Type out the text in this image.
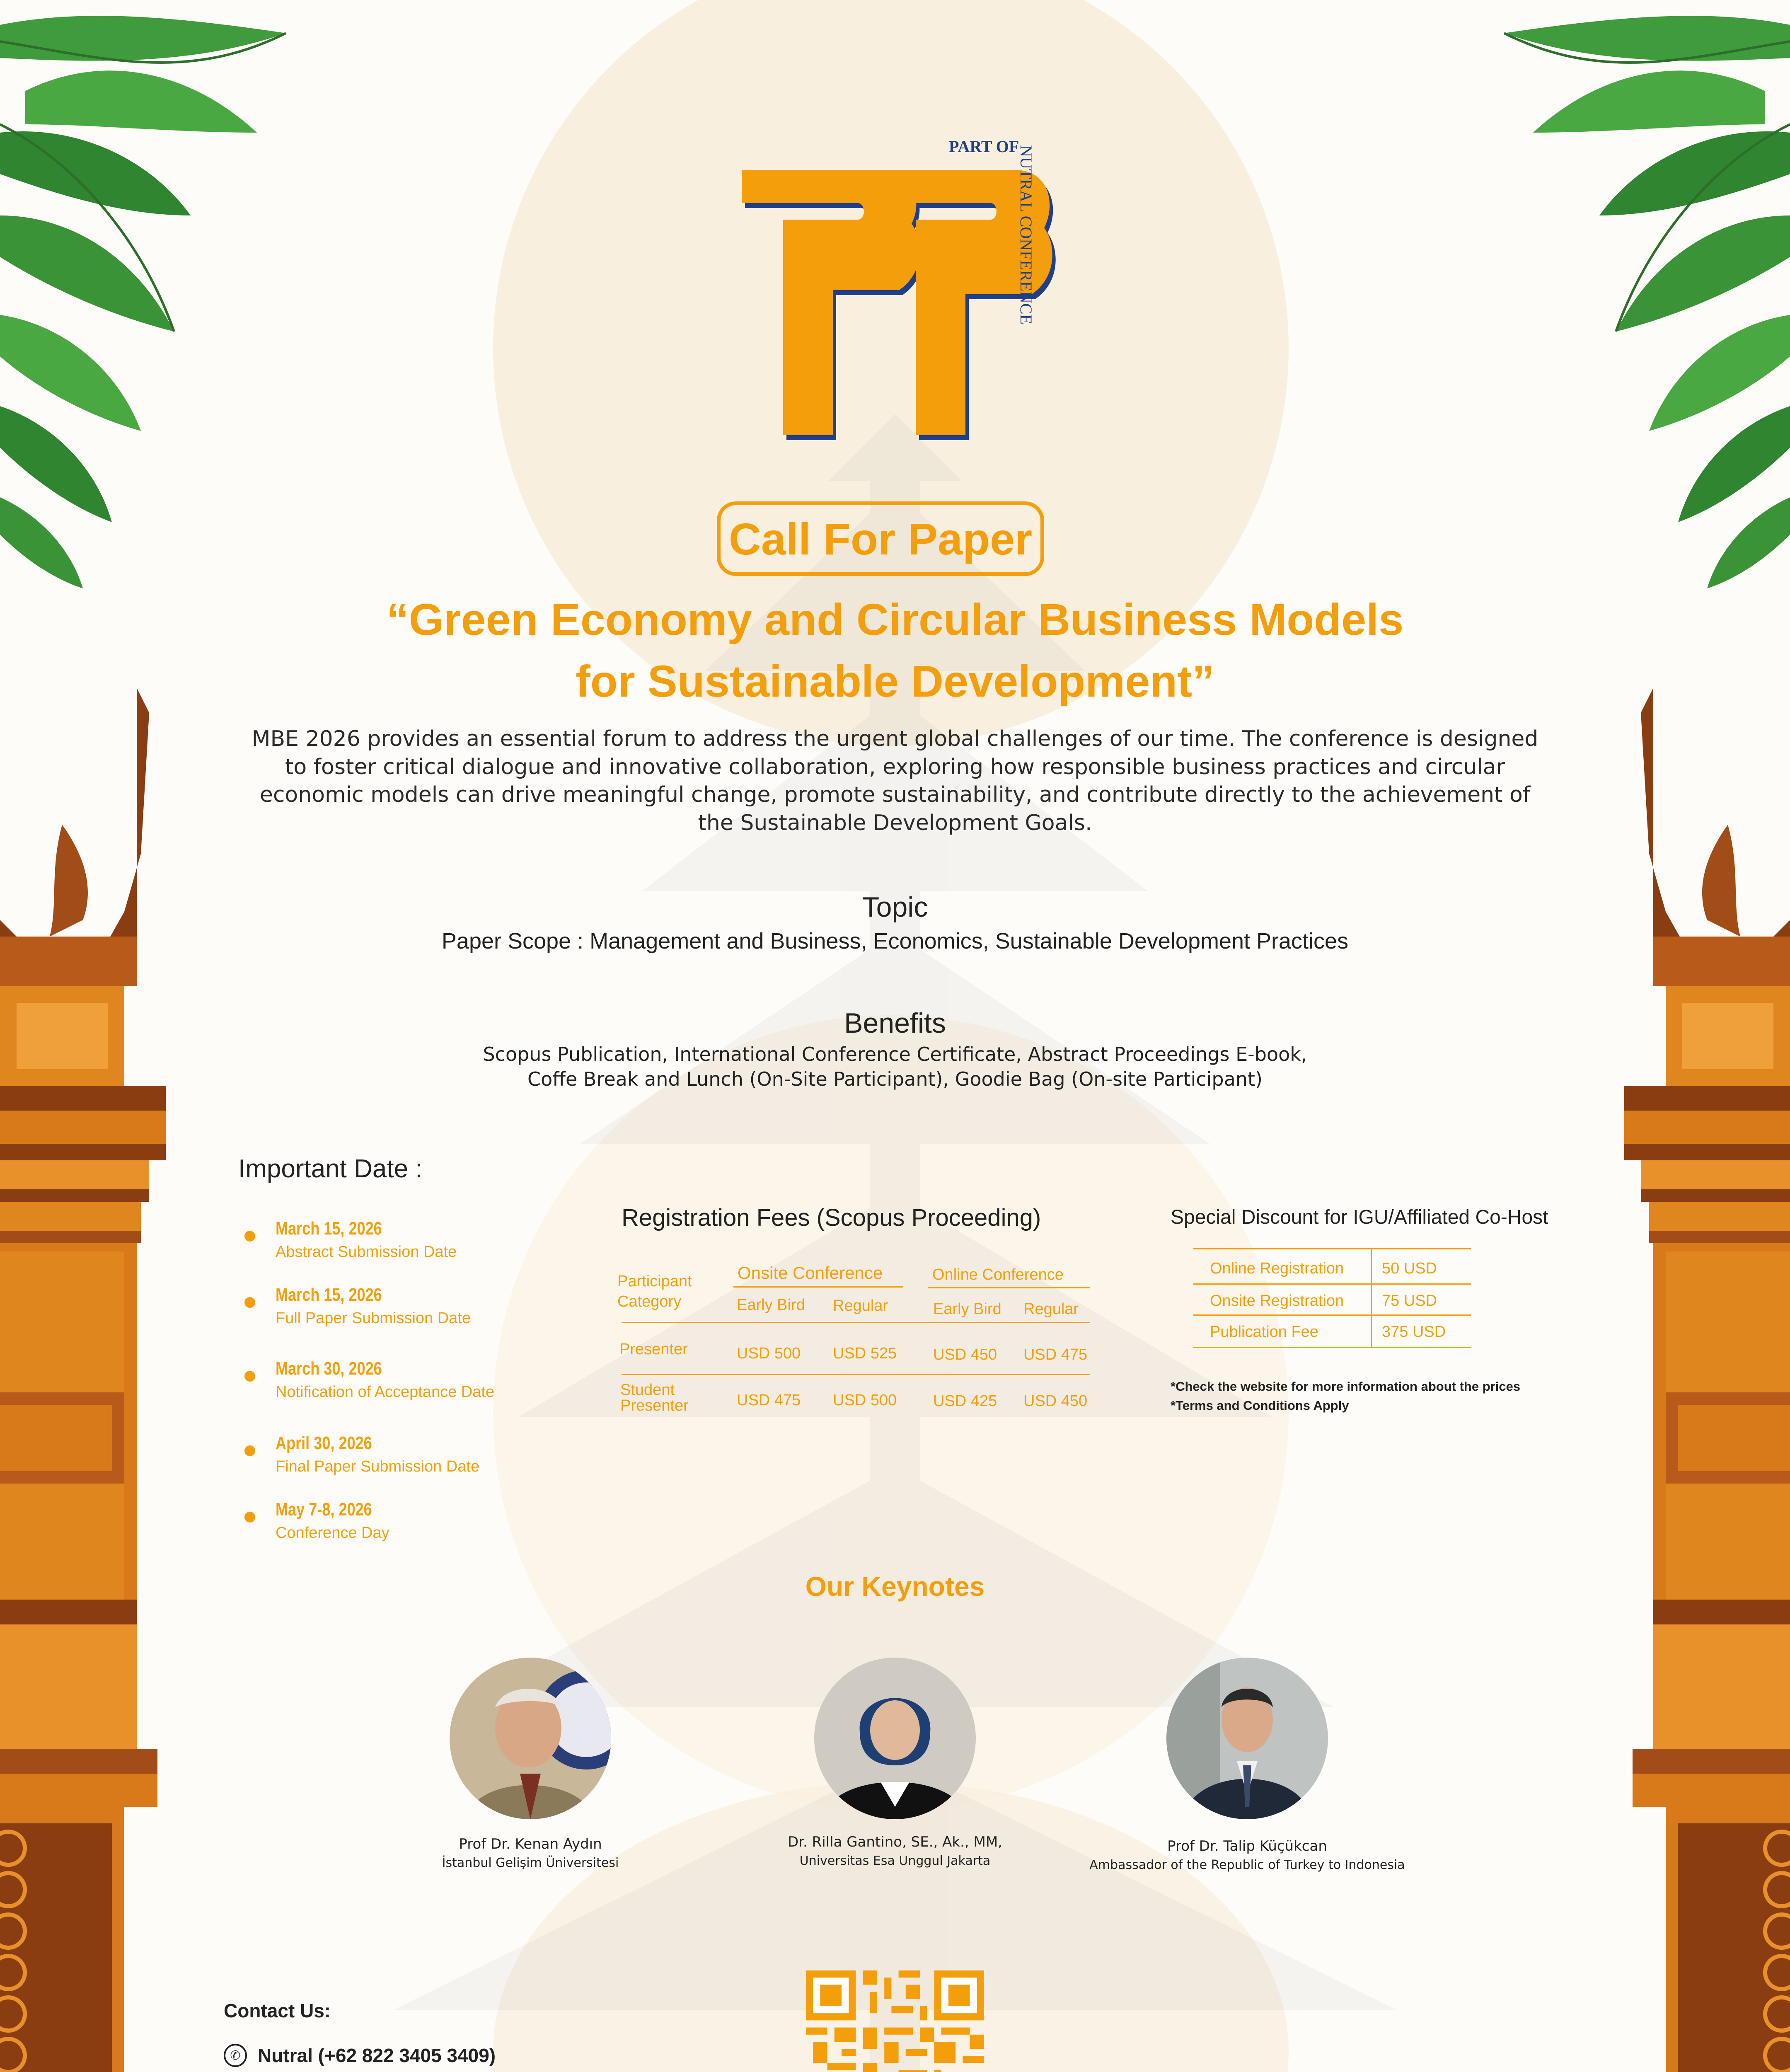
PART OF
NUTRAL CONFERENCE
Call For Paper
“Green Economy and Circular Business Models
for Sustainable Development”
MBE 2026 provides an essential forum to address the urgent global challenges of our time. The conference is designed to foster critical dialogue and innovative collaboration, exploring how responsible business practices and circular economic models can drive meaningful change, promote sustainability, and contribute directly to the achievement of the Sustainable Development Goals.
Topic
Paper Scope : Management and Business, Economics, Sustainable Development Practices
Benefits
Scopus Publication, International Conference Certificate, Abstract Proceedings E-book,
Coffe Break and Lunch (On-Site Participant), Goodie Bag (On-site Participant)
Important Date :
March 15, 2026
Abstract Submission Date
March 15, 2026
Full Paper Submission Date
March 30, 2026
Notification of Acceptance Date
April 30, 2026
Final Paper Submission Date
May 7-8, 2026
Conference Day
Registration Fees (Scopus Proceeding)
Participant Category
Onsite Conference	Online Conference
Early Bird Regular	Early Bird Regular
Presenter	USD 500 USD 525 USD 450 USD 475
Student Presenter	USD 475 USD 500 USD 425 USD 450
Special Discount for IGU/Affiliated Co-Host
Online Registration 50 USD
Onsite Registration 75 USD
Publication Fee	375 USD
*Check the website for more information about the prices
*Terms and Conditions Apply
Our Keynotes
Prof Dr. Kenan Aydın
İstanbul Gelişim Üniversitesi
Dr. Rilla Gantino, SE., Ak., MM,
Universitas Esa Unggul Jakarta
Prof Dr. Talip Küçükcan
Ambassador of the Republic of Turkey to Indonesia
Contact Us:
✆ Nutral (+62 822 3405 3409)
